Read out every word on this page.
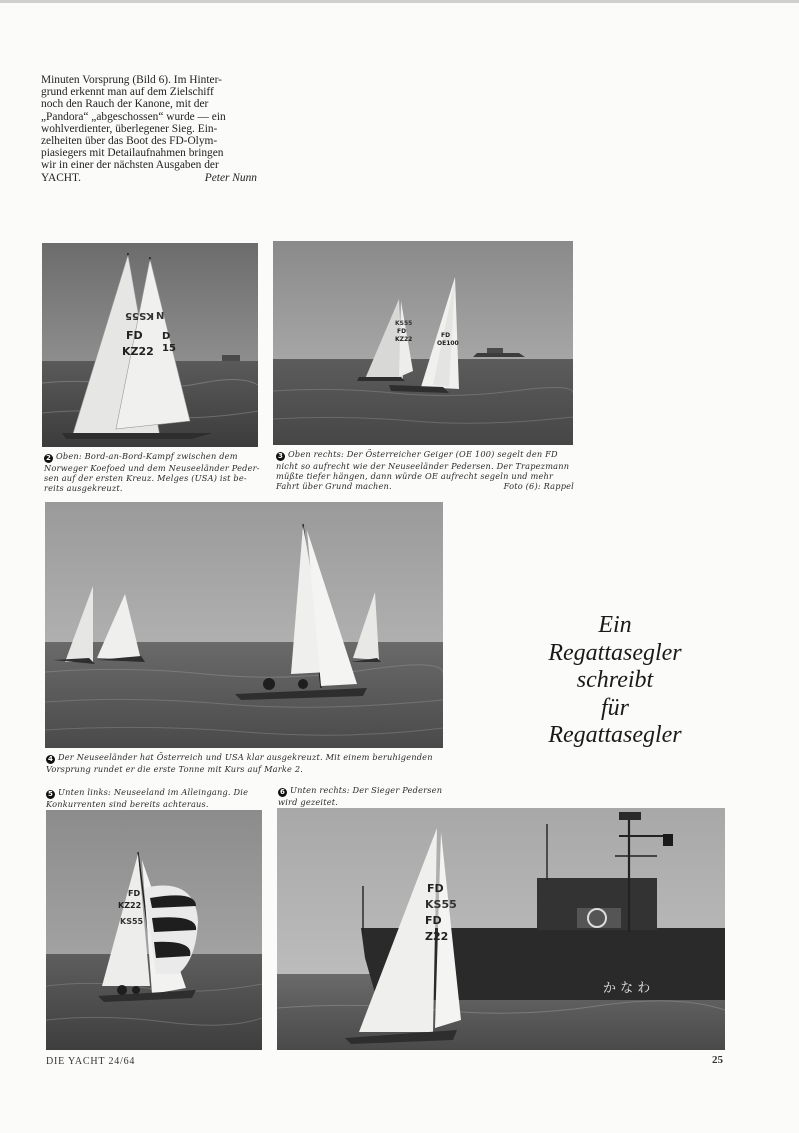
Minuten Vorsprung (Bild 6). Im Hinter-
grund erkennt man auf dem Zielschiff
noch den Rauch der Kanone, mit der
„Pandora“ „abgeschossen“ wurde — ein
wohlverdienter, überlegener Sieg. Ein-
zelheiten über das Boot des FD-Olym-
piasiegers mit Detailaufnahmen bringen
wir in einer der nächsten Ausgaben der
YACHT.	Peter Nunn
FD
KZ22
KS55 N
D
15
2 Oben: Bord-an-Bord-Kampf zwischen dem
Norweger Koefoed und dem Neuseeländer Peder-
sen auf der ersten Kreuz. Melges (USA) ist be-
reits ausgekreuzt.
FD
KZ22
KS55
FD
OE100
3 Oben rechts: Der Österreicher Geiger (OE 100) segelt den FD
nicht so aufrecht wie der Neuseeländer Pedersen. Der Trapezmann
müßte tiefer hängen, dann würde OE aufrecht segeln und mehr
Fahrt über Grund machen.	Foto (6): Rappel
4 Der Neuseeländer hat Österreich und USA klar ausgekreuzt. Mit einem beruhigenden
Vorsprung rundet er die erste Tonne mit Kurs auf Marke 2.
Ein
Regattasegler
schreibt
für
Regattasegler
5 Unten links: Neuseeland im Alleingang. Die
Konkurrenten sind bereits achteraus.
6 Unten rechts: Der Sieger Pedersen
wird gezeitet.
FD
KZ22
KS55
FD
KS55
FD
Z22
か な わ
DIE YACHT 24/64	25
